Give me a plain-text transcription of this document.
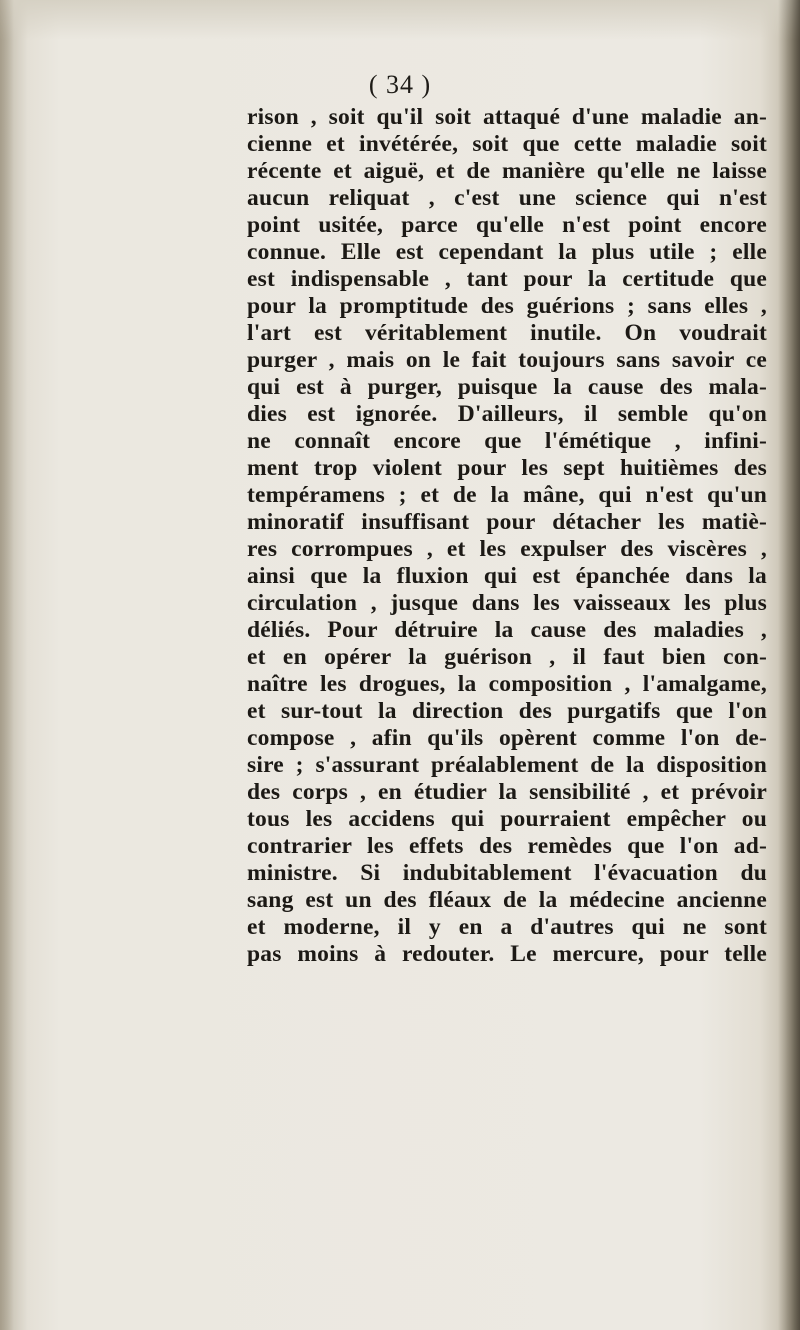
( 34 )
rison , soit qu'il soit attaqué d'une maladie an-
cienne et invétérée, soit que cette maladie soit
récente et aiguë, et de manière qu'elle ne laisse
aucun reliquat , c'est une science qui n'est
point usitée, parce qu'elle n'est point encore
connue. Elle est cependant la plus utile ; elle
est indispensable , tant pour la certitude que
pour la promptitude des guérions ; sans elles ,
l'art est véritablement inutile. On voudrait
purger , mais on le fait toujours sans savoir ce
qui est à purger, puisque la cause des mala-
dies est ignorée. D'ailleurs, il semble qu'on
ne connaît encore que l'émétique , infini-
ment trop violent pour les sept huitièmes des
tempéramens ; et de la mâne, qui n'est qu'un
minoratif insuffisant pour détacher les matiè-
res corrompues , et les expulser des viscères ,
ainsi que la fluxion qui est épanchée dans la
circulation , jusque dans les vaisseaux les plus
déliés. Pour détruire la cause des maladies ,
et en opérer la guérison , il faut bien con-
naître les drogues, la composition , l'amalgame,
et sur-tout la direction des purgatifs que l'on
compose , afin qu'ils opèrent comme l'on de-
sire ; s'assurant préalablement de la disposition
des corps , en étudier la sensibilité , et prévoir
tous les accidens qui pourraient empêcher ou
contrarier les effets des remèdes que l'on ad-
ministre. Si indubitablement l'évacuation du
sang est un des fléaux de la médecine ancienne
et moderne, il y en a d'autres qui ne sont
pas moins à redouter. Le mercure, pour telle
